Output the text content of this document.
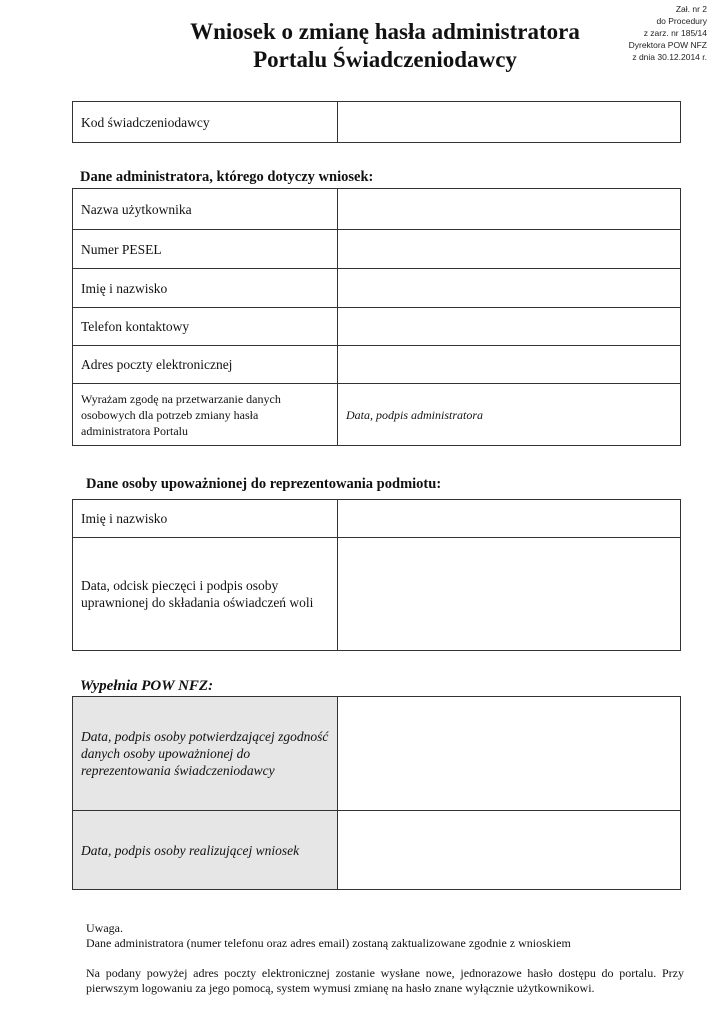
Wniosek o zmianę hasła administratora
Portalu Świadczeniodawcy
Zał. nr 2
do Procedury
z zarz. nr 185/14
Dyrektora POW NFZ
z dnia 30.12.2014 r.
Kod świadczeniodawcy	
Dane administratora, którego dotyczy wniosek:
Nazwa użytkownika	
Numer PESEL	
Imię i nazwisko	
Telefon kontaktowy	
Adres poczty elektronicznej	
Wyrażam zgodę na przetwarzanie danych osobowych dla potrzeb zmiany hasła administratora Portalu	Data, podpis administratora
Dane osoby upoważnionej do reprezentowania podmiotu:
Imię i nazwisko	
Data, odcisk pieczęci i podpis osoby uprawnionej do składania oświadczeń woli	
Wypełnia POW NFZ:
Data, podpis osoby potwierdzającej zgodność danych osoby upoważnionej do reprezentowania świadczeniodawcy	
Data, podpis osoby realizującej wniosek	
Uwaga.
Dane administratora (numer telefonu oraz adres email) zostaną zaktualizowane zgodnie z wnioskiem
Na podany powyżej adres poczty elektronicznej zostanie wysłane nowe, jednorazowe hasło dostępu do portalu. Przy pierwszym logowaniu za jego pomocą, system wymusi zmianę na hasło znane wyłącznie użytkownikowi.
